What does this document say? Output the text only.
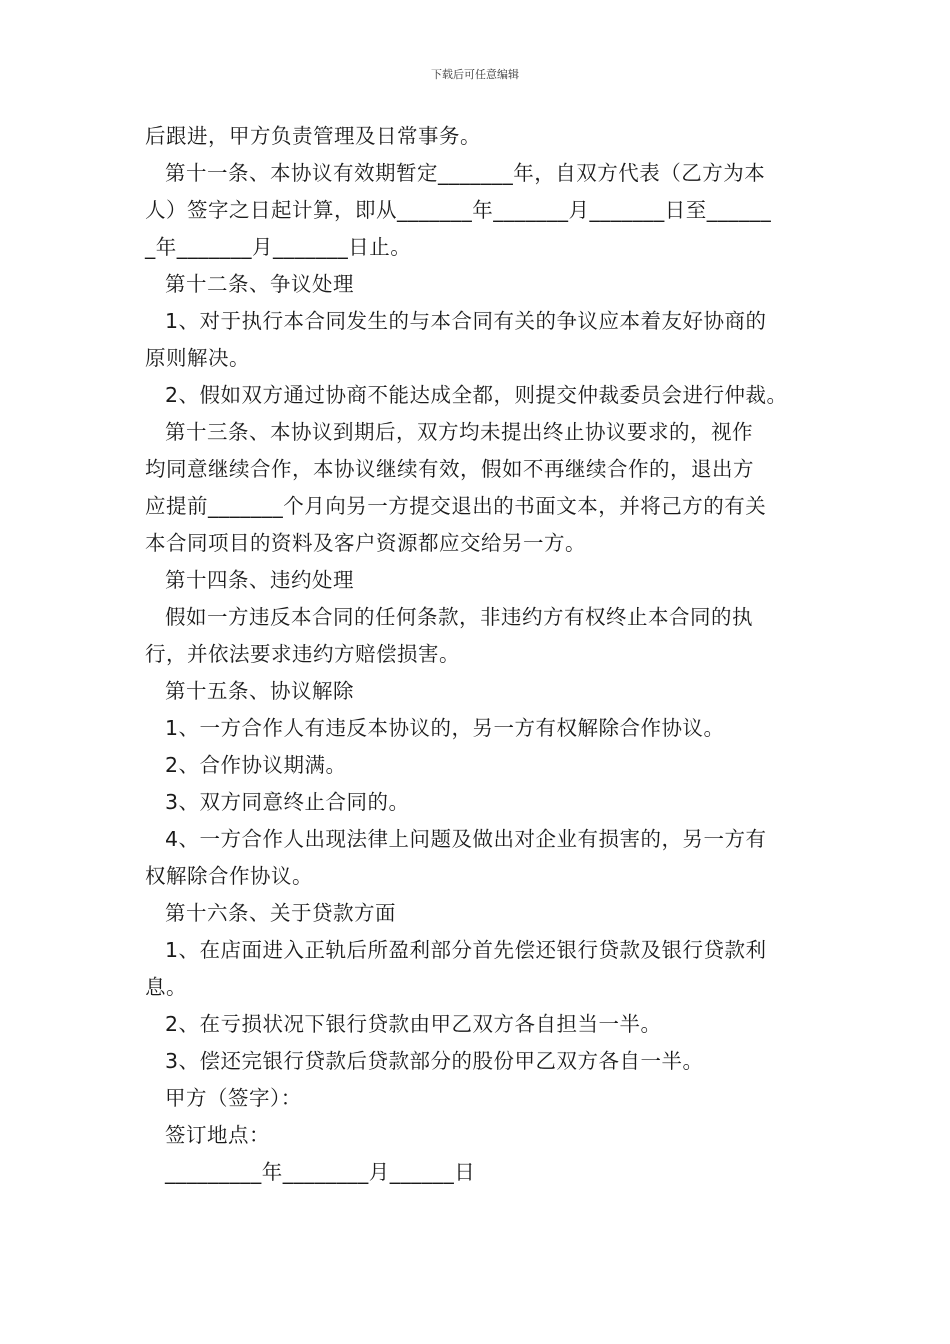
下载后可任意编辑
后跟进，甲方负责管理及日常事务。
第十一条、本协议有效期暂定_______年，自双方代表（乙方为本
人）签字之日起计算，即从_______年_______月_______日至______
_年_______月_______日止。
第十二条、争议处理
1、对于执行本合同发生的与本合同有关的争议应本着友好协商的
原则解决。
2、假如双方通过协商不能达成全都，则提交仲裁委员会进行仲裁。
第十三条、本协议到期后，双方均未提出终止协议要求的，视作
均同意继续合作，本协议继续有效，假如不再继续合作的，退出方
应提前_______个月向另一方提交退出的书面文本，并将己方的有关
本合同项目的资料及客户资源都应交给另一方。
第十四条、违约处理
假如一方违反本合同的任何条款，非违约方有权终止本合同的执
行，并依法要求违约方赔偿损害。
第十五条、协议解除
1、一方合作人有违反本协议的，另一方有权解除合作协议。
2、合作协议期满。
3、双方同意终止合同的。
4、一方合作人出现法律上问题及做出对企业有损害的，另一方有
权解除合作协议。
第十六条、关于贷款方面
1、在店面进入正轨后所盈利部分首先偿还银行贷款及银行贷款利
息。
2、在亏损状况下银行贷款由甲乙双方各自担当一半。
3、偿还完银行贷款后贷款部分的股份甲乙双方各自一半。
甲方（签字）：
签订地点：
_________年________月______日
